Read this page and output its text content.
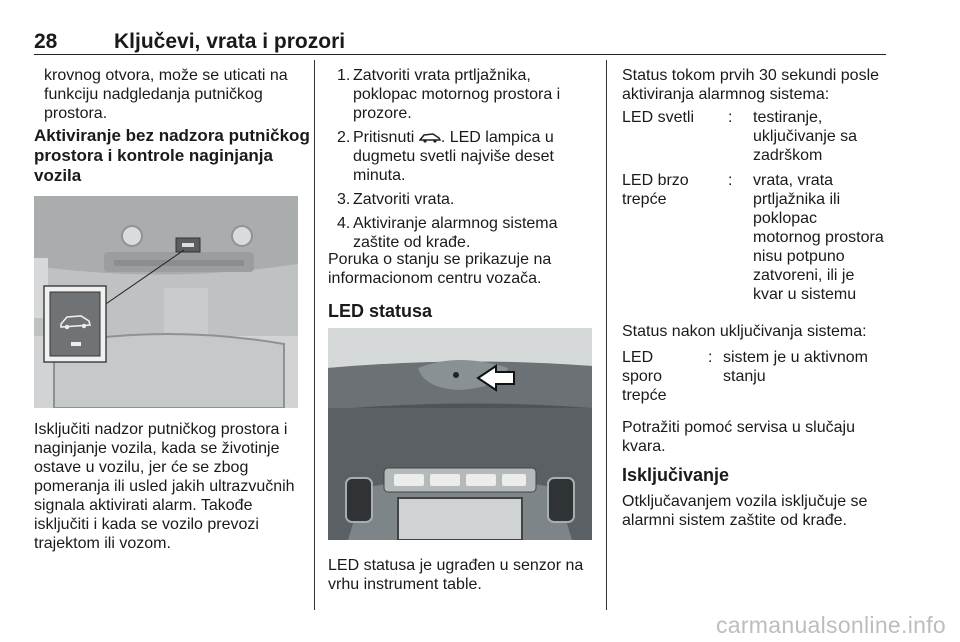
28	Ključevi, vrata i prozori

krovnog otvora, može se uticati na

funkciju nadgledanja putničkog

prostora.

Aktiviranje bez nadzora putničkog

prostora i kontrole naginjanja

vozila

Isključiti nadzor putničkog prostora i

naginjanje vozila, kada se životinje

ostave u vozilu, jer će se zbog

pomeranja ili usled jakih ultrazvučnih

signala aktivirati alarm. Takođe

isključiti i kada se vozilo prevozi

trajektom ili vozom.

1. Zatvoriti vrata prtljažnika,

poklopac motornog prostora i

prozore.

2. Pritisnuti . LED lampica u

dugmetu svetli najviše deset

minuta.

3. Zatvoriti vrata.

4. Aktiviranje alarmnog sistema

zaštite od krađe.

Poruka o stanju se prikazuje na

informacionom centru vozača.

LED statusa

LED statusa je ugrađen u senzor na

vrhu instrument table.

Status tokom prvih 30 sekundi posle

aktiviranja alarmnog sistema:

LED svetli	:	testiranje,

uključivanje sa

zadrškom

LED brzo

trepće

:	vrata, vrata

prtljažnika ili

poklopac

motornog prostora

nisu potpuno

zatvoreni, ili je

kvar u sistemu

Status nakon uključivanja sistema:

LED

sporo

trepće

: sistem je u aktivnom

stanju

Potražiti pomoć servisa u slučaju

kvara.

Isključivanje

Otključavanjem vozila isključuje se

alarmni sistem zaštite od krađe.

carmanualsonline.info
